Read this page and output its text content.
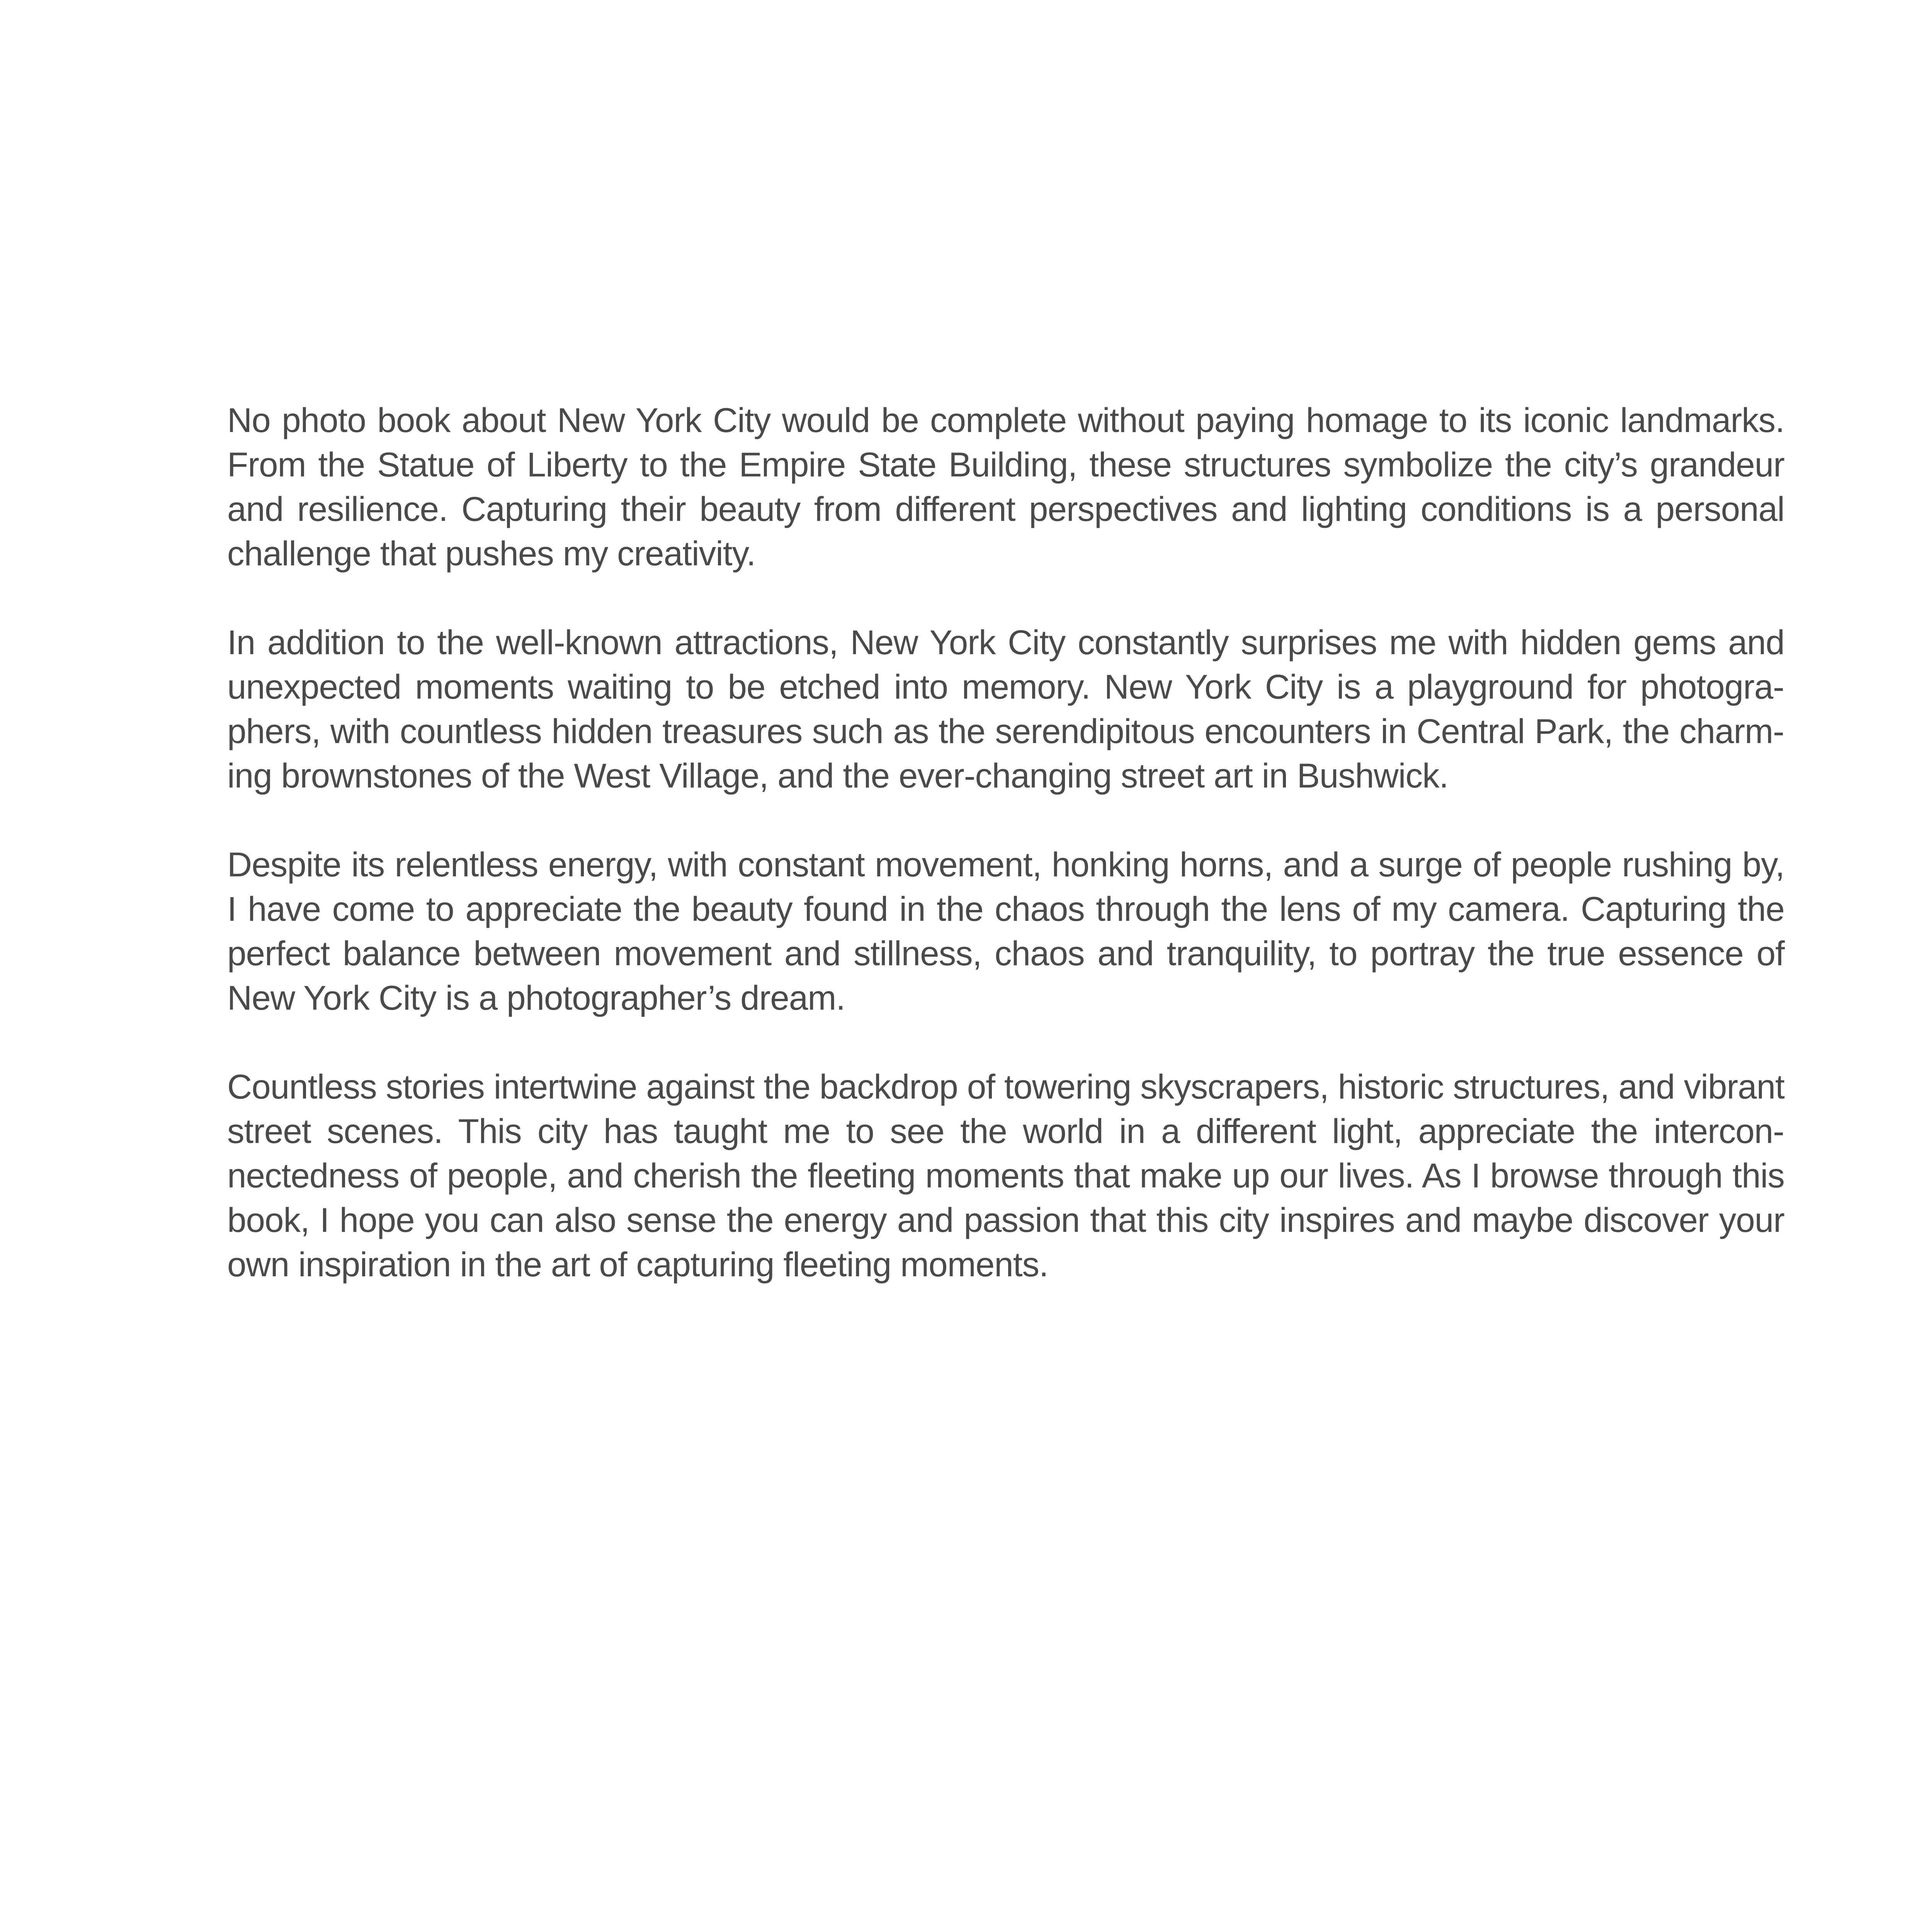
No photo book about New York City would be complete without paying homage to its iconic landmarks. From the Statue of Liberty to the Empire State Building, these structures symbolize the city’s grandeur and resilience. Capturing their beauty from different perspectives and lighting conditions is a personal challenge that pushes my creativity.

In addition to the well-known attractions, New York City constantly surprises me with hidden gems and unexpected moments waiting to be etched into memory. New York City is a playground for photographers, with countless hidden treasures such as the serendipitous encounters in Central Park, the charming brownstones of the West Village, and the ever-changing street art in Bushwick.

Despite its relentless energy, with constant movement, honking horns, and a surge of people rushing by, I have come to appreciate the beauty found in the chaos through the lens of my camera. Capturing the perfect balance between movement and stillness, chaos and tranquility, to portray the true essence of New York City is a photographer’s dream.

Countless stories intertwine against the backdrop of towering skyscrapers, historic structures, and vibrant street scenes. This city has taught me to see the world in a different light, appreciate the interconnectedness of people, and cherish the fleeting moments that make up our lives. As I browse through this book, I hope you can also sense the energy and passion that this city inspires and maybe discover your own inspiration in the art of capturing fleeting moments.
